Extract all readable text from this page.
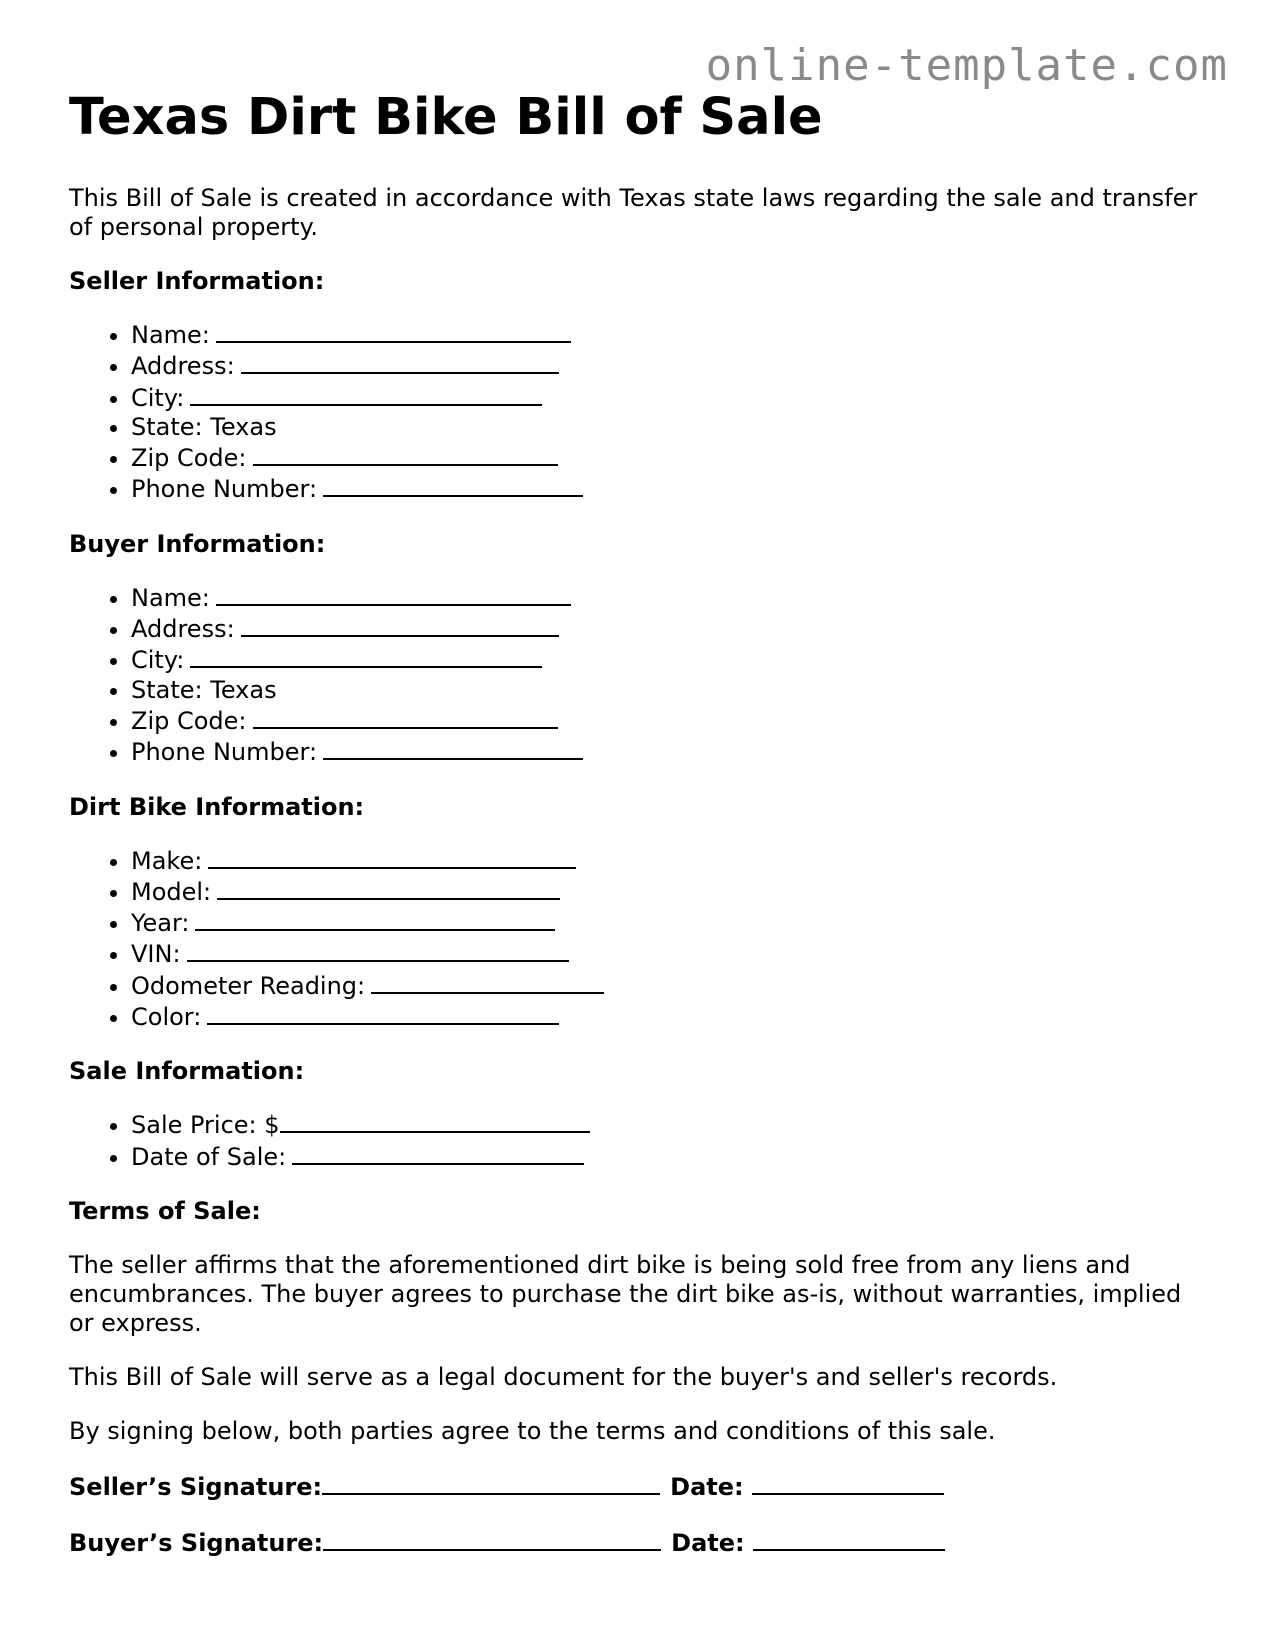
online-template.com
Texas Dirt Bike Bill of Sale

This Bill of Sale is created in accordance with Texas state laws regarding the sale and transfer of personal property.

Seller Information:
• Name:
• Address:
• City:
• State: Texas
• Zip Code:
• Phone Number:
Buyer Information:
• Name:
• Address:
• City:
• State: Texas
• Zip Code:
• Phone Number:
Dirt Bike Information:
• Make:
• Model:
• Year:
• VIN:
• Odometer Reading:
• Color:
Sale Information:
• Sale Price: $
• Date of Sale:
Terms of Sale:

The seller affirms that the aforementioned dirt bike is being sold free from any liens and encumbrances. The buyer agrees to purchase the dirt bike as-is, without warranties, implied or express.

This Bill of Sale will serve as a legal document for the buyer's and seller's records.

By signing below, both parties agree to the terms and conditions of this sale.

Seller’s Signature:	Date:
Buyer’s Signature:	Date:
